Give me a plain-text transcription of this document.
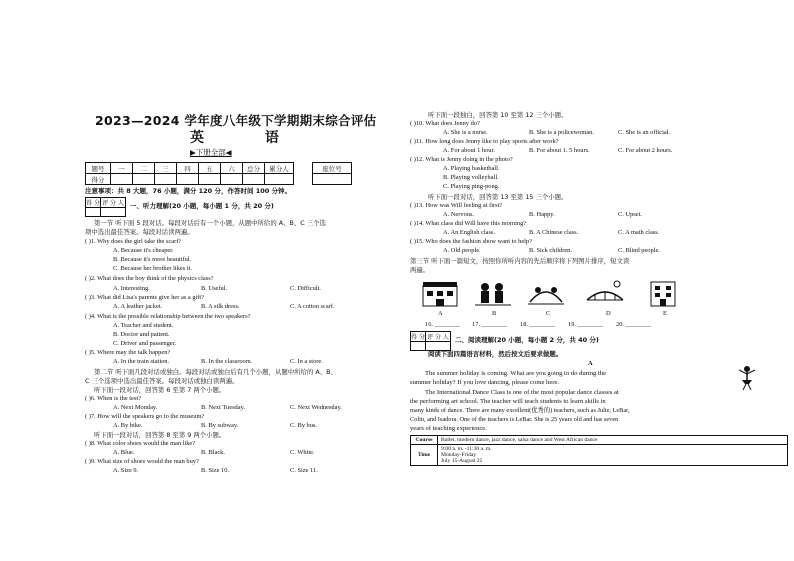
2023—2024 学年度八年级下学期期末综合评估
英 语
▶下册全部◀
题号	一	二	三	四	五	六	总分	累分人
得分								
座位号

注意事项：共 8 大题，76 小题，满分 120 分，作答时间 100 分钟。
得 分	评 分 人
	一、听力理解(20 小题，每小题 1 分，共 20 分)
第一节 听下面 5 段对话。每段对话后有一个小题，从题中所给的 A、B、C 三个选
项中选出最佳答案。每段对话读两遍。
( )1. Why does the girl take the scarf?
A. Because it's cheaper.
B. Because it's more beautiful.
C. Because her brother likes it.
( )2. What does the boy think of the physics class?
A. Interesting.	B. Useful.	C. Difficult.
( )3. What did Lisa's parents give her as a gift?
A. A leather jacket.	B. A silk dress.	C. A cotton scarf.
( )4. What is the possible relationship between the two speakers?
A. Teacher and student.
B. Doctor and patient.
C. Driver and passenger.
( )5. Where may the talk happen?
A. In the train station.	B. In the classroom.	C. In a store.
第二节 听下面几段对话或独白。每段对话或独白后有几个小题，从题中所给的 A、B、
C 三个选项中选出最佳答案。每段对话或独白读两遍。
听下面一段对话，回答第 6 至第 7 两个小题。
( )6. When is the test?
A. Next Monday.	B. Next Tuesday.	C. Next Wednesday.
( )7. How will the speakers go to the museum?
A. By bike.	B. By subway.	C. By bus.
听下面一段对话，回答第 8 至第 9 两个小题。
( )8. What color shoes would the man like?
A. Blue.	B. Black.	C. White.
( )9. What size of shoes would the man buy?
A. Size 9.	B. Size 10.	C. Size 11.
听下面一段独白，回答第 10 至第 12 三个小题。
( )10. What does Jenny do?
A. She is a nurse.	B. She is a policewoman.	C. She is an official.
( )11. How long does Jenny like to play sports after work?
A. For about 1 hour.	B. For about 1. 5 hours.	C. For about 2 hours.
( )12. What is Jenny doing in the photo?
A. Playing basketball.
B. Playing volleyball.
C. Playing ping-pong.
听下面一段对话，回答第 13 至第 15 三个小题。
( )13. How was Will feeling at first?
A. Nervous.	B. Happy.	C. Upset.
( )14. What class did Will have this morning?
A. An English class.	B. A Chinese class.	C. A math class.
( )15. Who does the fashion show want to help?
A. Old people.	B. Sick children.	C. Blind people.
第三节 听下面一篇短文，按照你所听内容的先后顺序将下列图片排序，短文读
两遍。
A	B	C	D	E
16. ________ 17. ________ 18. ________ 19. ________ 20. ________
得 分	评 分 人
	二、阅读理解(20 小题，每小题 2 分，共 40 分)
阅读下面四篇语言材料，然后按文后要求做题。
A
The summer holiday is coming. What are you going to do during the
summer holiday? If you love dancing, please come here.
The International Dance Class is one of the most popular dance classes at
the performing art school. The teacher will teach students to learn skills in
many kinds of dance. There are many excellent(优秀的) teachers, such as Julie, LeBar,
Colin, and Isadora. One of the teachers is LeBar. She is 25 years old and has seven
years of teaching experience.
Course	Ballet, modern dance, jazz dance, salsa dance and West African dance
Time	9:00 a. m. -11:30 a. m.
Monday-Friday
July 15-August 25
